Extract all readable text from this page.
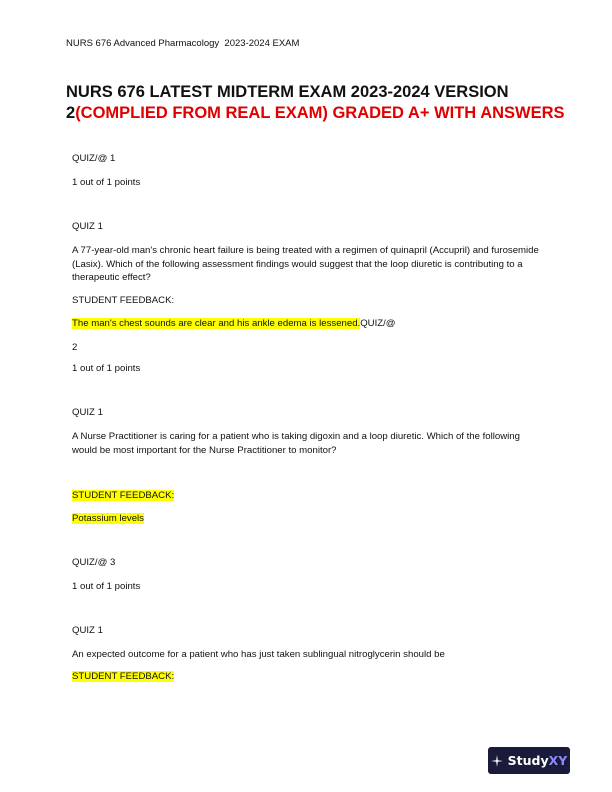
NURS 676 Advanced Pharmacology  2023-2024 EXAM
NURS 676 LATEST MIDTERM EXAM 2023-2024 VERSION
2(COMPLIED FROM REAL EXAM) GRADED A+ WITH ANSWERS
QUIZ/@ 1
1 out of 1 points
QUIZ 1
A 77-year-old man's chronic heart failure is being treated with a regimen of quinapril (Accupril) and furosemide (Lasix). Which of the following assessment findings would suggest that the loop diuretic is contributing to a therapeutic effect?
STUDENT FEEDBACK:
The man's chest sounds are clear and his ankle edema is lessened.QUIZ/@
2
1 out of 1 points
QUIZ 1
A Nurse Practitioner is caring for a patient who is taking digoxin and a loop diuretic. Which of the following would be most important for the Nurse Practitioner to monitor?
STUDENT FEEDBACK:
Potassium levels
QUIZ/@ 3
1 out of 1 points
QUIZ 1
An expected outcome for a patient who has just taken sublingual nitroglycerin should be
STUDENT FEEDBACK:
StudyXY
